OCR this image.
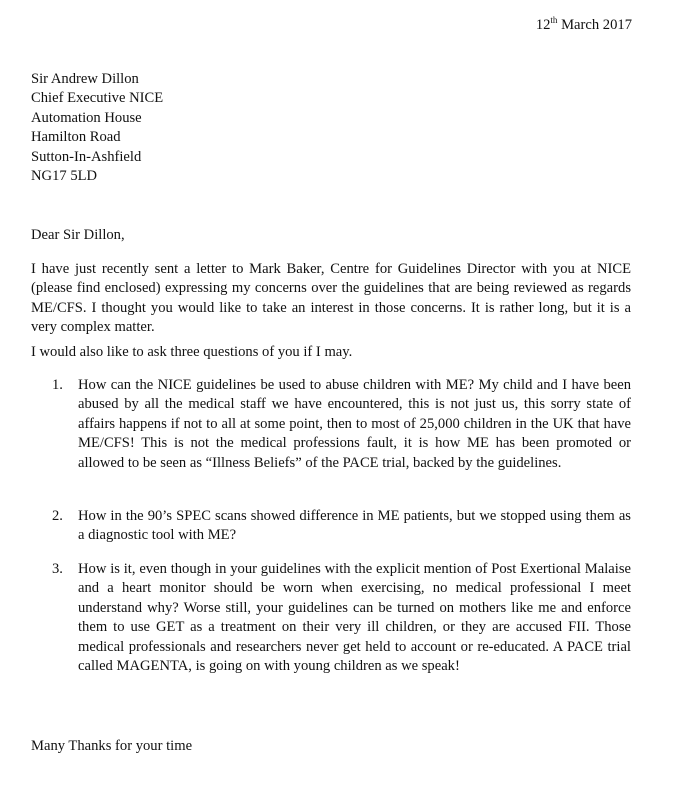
12th March 2017
Sir Andrew Dillon
Chief Executive NICE
Automation House
Hamilton Road
Sutton-In-Ashfield
NG17 5LD
Dear Sir Dillon,
I have just recently sent a letter to Mark Baker, Centre for Guidelines Director with you at NICE (please find enclosed) expressing my concerns over the guidelines that are being reviewed as regards ME/CFS. I thought you would like to take an interest in those concerns. It is rather long, but it is a very complex matter.
I would also like to ask three questions of you if I may.
1. How can the NICE guidelines be used to abuse children with ME? My child and I have been abused by all the medical staff we have encountered, this is not just us, this sorry state of affairs happens if not to all at some point, then to most of 25,000 children in the UK that have ME/CFS! This is not the medical professions fault, it is how ME has been promoted or allowed to be seen as “Illness Beliefs” of the PACE trial, backed by the guidelines.
2. How in the 90’s SPEC scans showed difference in ME patients, but we stopped using them as a diagnostic tool with ME?
3. How is it, even though in your guidelines with the explicit mention of Post Exertional Malaise and a heart monitor should be worn when exercising, no medical professional I meet understand why? Worse still, your guidelines can be turned on mothers like me and enforce them to use GET as a treatment on their very ill children, or they are accused FII. Those medical professionals and researchers never get held to account or re-educated. A PACE trial called MAGENTA, is going on with young children as we speak!
Many Thanks for your time
